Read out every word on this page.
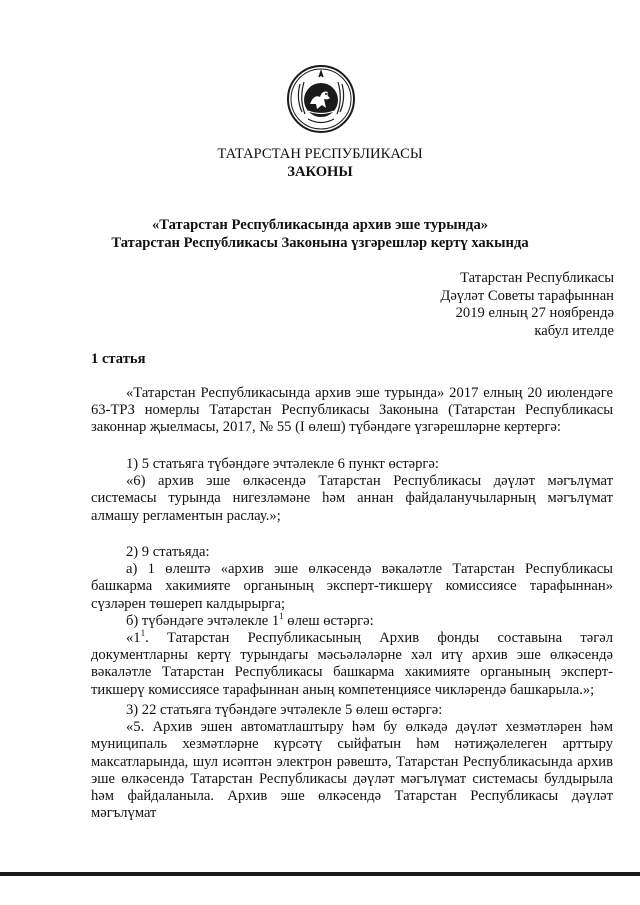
ТАТАРСТАН РЕСПУБЛИКАСЫ
ЗАКОНЫ
«Татарстан Республикасында архив эше турында»
Татарстан Республикасы Законына үзгәрешләр кертү хакында
Татарстан Республикасы
Дәүләт Советы тарафыннан
2019 елның 27 ноябрендә
кабул ителде
1 статья
«Татарстан Республикасында архив эше турында» 2017 елның 20 июлендәге 63-ТРЗ номерлы Татарстан Республикасы Законына (Татарстан Республикасы законнар җыелмасы, 2017, № 55 (I өлеш) түбәндәге үзгәрешләрне кертергә:
1) 5 статьяга түбәндәге эчтәлекле 6 пункт өстәргә:
«6) архив эше өлкәсендә Татарстан Республикасы дәүләт мәгълүмат системасы турында нигезләмәне һәм аннан файдаланучыларның мәгълүмат алмашу регламентын раслау.»;
2) 9 статьяда:
а) 1 өлештә «архив эше өлкәсендә вәкаләтле Татарстан Республикасы башкарма хакимияте органының эксперт-тикшерү комиссиясе тарафыннан» сүзләрен төшереп калдырырга;
б) түбәндәге эчтәлекле $1^1$ өлеш өстәргә:
«$1^1$. Татарстан Республикасының Архив фонды составына тәгәл документларны кертү турындагы мәсьәләләрне хәл итү архив эше өлкәсендә вәкаләтле Татарстан Республикасы башкарма хакимияте органының эксперт- тикшерү комиссиясе тарафыннан аның компетенциясе чикләрендә башкарыла.»;
3) 22 статьяга түбәндәге эчтәлекле 5 өлеш өстәргә:
«5. Архив эшен автоматлаштыру һәм бу өлкәдә дәүләт хезмәтләрен һәм муниципаль хезмәтләрне күрсәтү сыйфатын һәм нәтиҗәлелеген арттыру максатларында, шул исәптән электрон рәвештә, Татарстан Республикасында архив эше өлкәсендә Татарстан Республикасы дәүләт мәгълүмат системасы булдырыла һәм файдаланыла. Архив эше өлкәсендә Татарстан Республикасы дәүләт мәгълүмат
